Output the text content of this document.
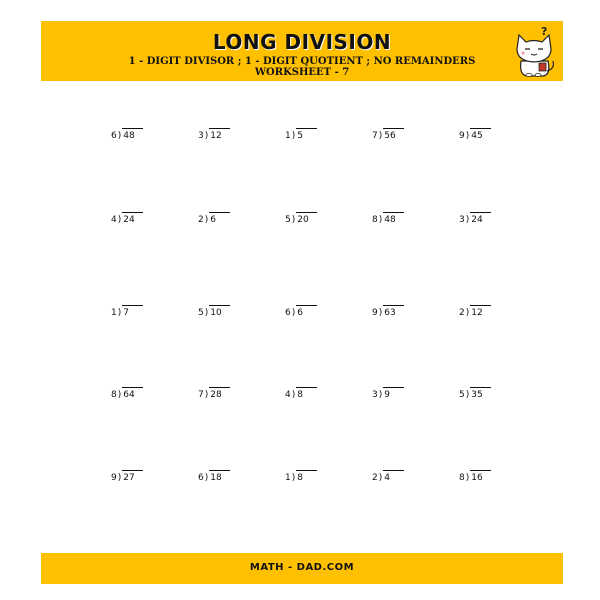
LONG DIVISION
1 - DIGIT DIVISOR ; 1 - DIGIT QUOTIENT ; NO REMAINDERS
WORKSHEET - 7
?
6) 48	3) 12	1) 5	7) 56	9) 45
4) 24	2) 6	5) 20	8) 48	3) 24
1) 7	5) 10	6) 6	9) 63	2) 12
8) 64	7) 28	4) 8	3) 9	5) 35
9) 27	6) 18	1) 8	2) 4	8) 16
MATH - DAD.COM
